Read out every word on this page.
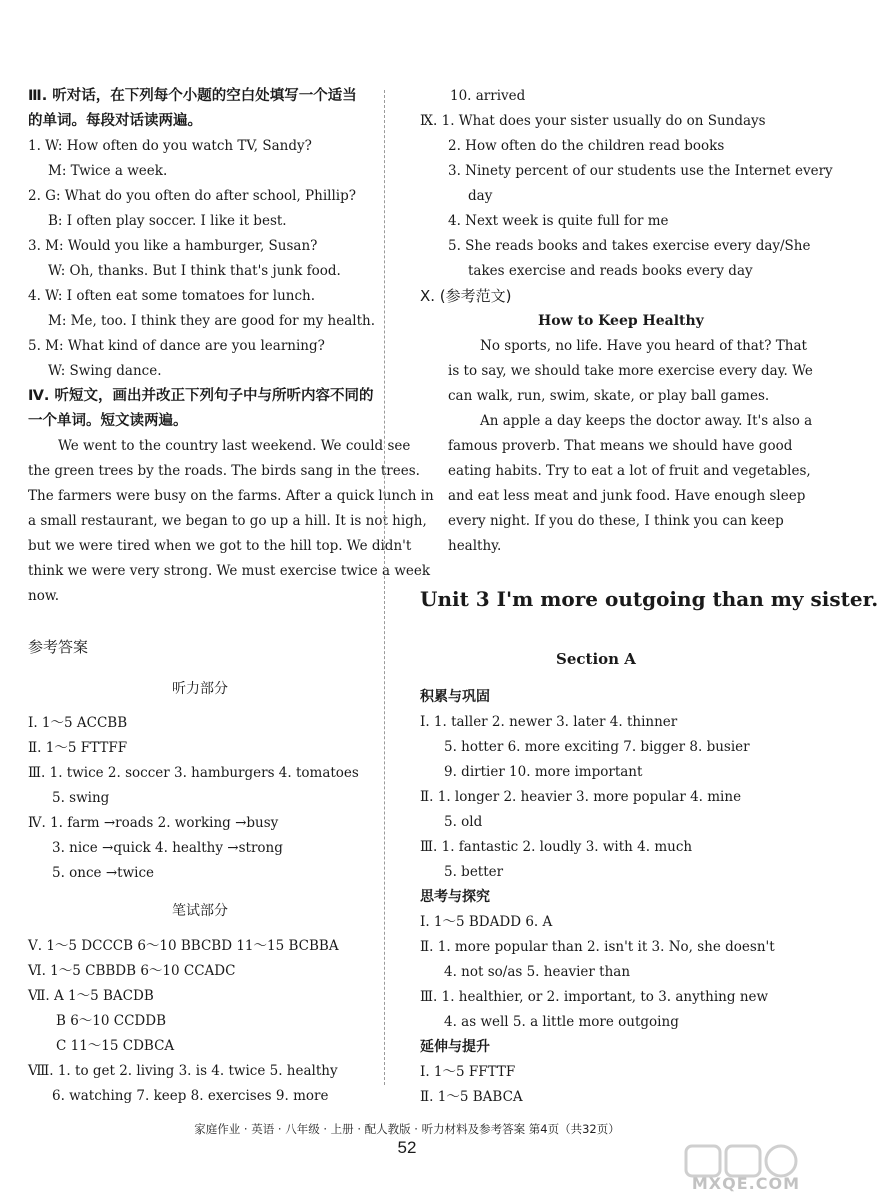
Ⅲ. 听对话，在下列每个小题的空白处填写一个适当
的单词。每段对话读两遍。
1. W: How often do you watch TV, Sandy?
M: Twice a week.
2. G: What do you often do after school, Phillip?
B: I often play soccer. I like it best.
3. M: Would you like a hamburger, Susan?
W: Oh, thanks. But I think that's junk food.
4. W: I often eat some tomatoes for lunch.
M: Me, too. I think they are good for my health.
5. M: What kind of dance are you learning?
W: Swing dance.
Ⅳ. 听短文，画出并改正下列句子中与所听内容不同的
一个单词。短文读两遍。
We went to the country last weekend. We could see
the green trees by the roads. The birds sang in the trees.
The farmers were busy on the farms. After a quick lunch in
a small restaurant, we began to go up a hill. It is not high,
but we were tired when we got to the hill top. We didn't
think we were very strong. We must exercise twice a week
now.
参考答案
听力部分
Ⅰ. 1～5 ACCBB
Ⅱ. 1～5 FTTFF
Ⅲ. 1. twice 2. soccer 3. hamburgers 4. tomatoes
5. swing
Ⅳ. 1. farm →roads 2. working →busy
3. nice →quick 4. healthy →strong
5. once →twice
笔试部分
Ⅴ. 1～5 DCCCB 6～10 BBCBD 11～15 BCBBA
Ⅵ. 1～5 CBBDB 6～10 CCADC
Ⅶ. A 1～5 BACDB
B 6～10 CCDDB
C 11～15 CDBCA
Ⅷ. 1. to get 2. living 3. is 4. twice 5. healthy
6. watching 7. keep 8. exercises 9. more
10. arrived
Ⅸ. 1. What does your sister usually do on Sundays
2. How often do the children read books
3. Ninety percent of our students use the Internet every
day
4. Next week is quite full for me
5. She reads books and takes exercise every day/She
takes exercise and reads books every day
Ⅹ. (参考范文)
How to Keep Healthy
No sports, no life. Have you heard of that? That
is to say, we should take more exercise every day. We
can walk, run, swim, skate, or play ball games.
An apple a day keeps the doctor away. It's also a
famous proverb. That means we should have good
eating habits. Try to eat a lot of fruit and vegetables,
and eat less meat and junk food. Have enough sleep
every night. If you do these, I think you can keep
healthy.
Unit 3 I'm more outgoing than my sister.
Section A
积累与巩固
Ⅰ. 1. taller 2. newer 3. later 4. thinner
5. hotter 6. more exciting 7. bigger 8. busier
9. dirtier 10. more important
Ⅱ. 1. longer 2. heavier 3. more popular 4. mine
5. old
Ⅲ. 1. fantastic 2. loudly 3. with 4. much
5. better
思考与探究
Ⅰ. 1～5 BDADD 6. A
Ⅱ. 1. more popular than 2. isn't it 3. No, she doesn't
4. not so/as 5. heavier than
Ⅲ. 1. healthier, or 2. important, to 3. anything new
4. as well 5. a little more outgoing
延伸与提升
Ⅰ. 1～5 FFTTF
Ⅱ. 1～5 BABCA
家庭作业 · 英语 · 八年级 · 上册 · 配人教版 · 听力材料及参考答案 第4页（共32页）
52
MXQE.COM
